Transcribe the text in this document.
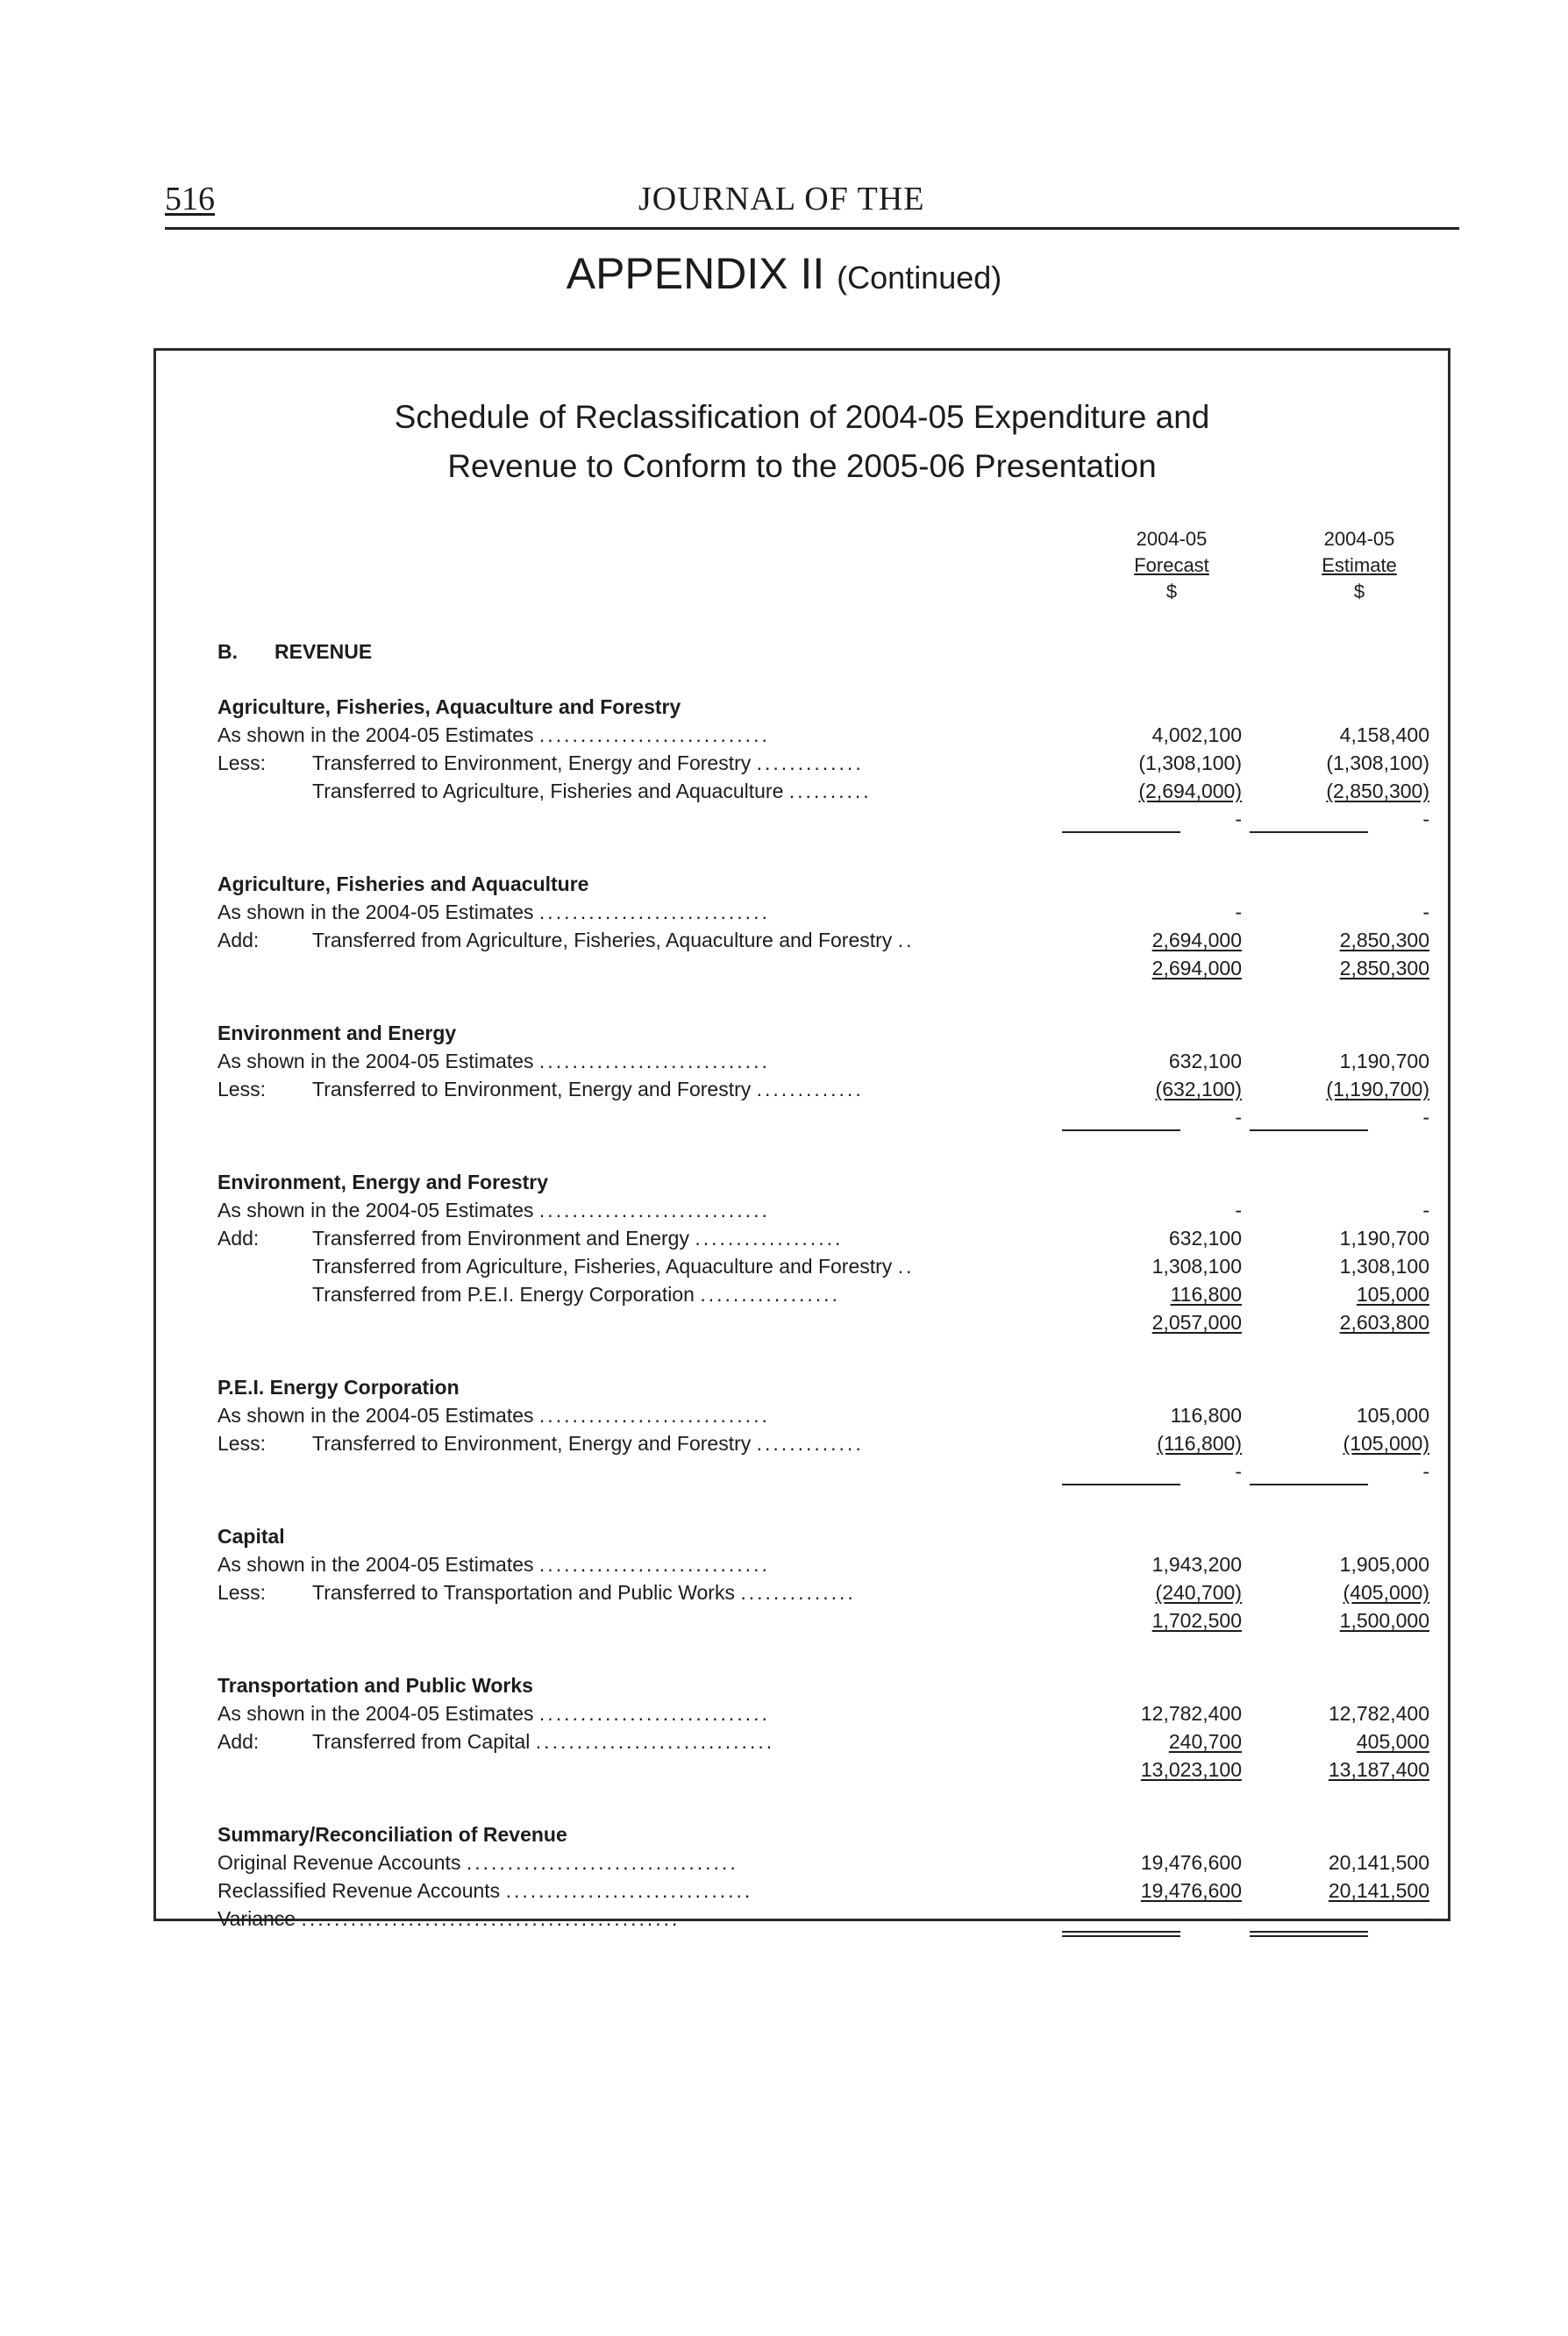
516	JOURNAL OF THE
APPENDIX II (Continued)
Schedule of Reclassification of 2004-05 Expenditure and
Revenue to Conform to the 2005-06 Presentation
2004-05
Forecast
$
2004-05
Estimate
$
B. REVENUE
Agriculture, Fisheries, Aquaculture and Forestry
As shown in the 2004-05 Estimates ............................	4,002,100	4,158,400
Less: Transferred to Environment, Energy and Forestry .............	(1,308,100)	(1,308,100)
Transferred to Agriculture, Fisheries and Aquaculture ..........	(2,694,000)	(2,850,300)
-	-
Agriculture, Fisheries and Aquaculture
As shown in the 2004-05 Estimates ............................	-	-
Add:	Transferred from Agriculture, Fisheries, Aquaculture and Forestry ..	2,694,000	2,850,300
2,694,000	2,850,300
Environment and Energy
As shown in the 2004-05 Estimates ............................	632,100	1,190,700
Less: Transferred to Environment, Energy and Forestry .............	(632,100)	(1,190,700)
-	-
Environment, Energy and Forestry
As shown in the 2004-05 Estimates ............................	-	-
Add:	Transferred from Environment and Energy ..................	632,100	1,190,700
Transferred from Agriculture, Fisheries, Aquaculture and Forestry ..	1,308,100	1,308,100
Transferred from P.E.I. Energy Corporation .................	116,800	105,000
2,057,000	2,603,800
P.E.I. Energy Corporation
As shown in the 2004-05 Estimates ............................	116,800	105,000
Less: Transferred to Environment, Energy and Forestry .............	(116,800)	(105,000)
-	-
Capital
As shown in the 2004-05 Estimates ............................	1,943,200	1,905,000
Less: Transferred to Transportation and Public Works ..............	(240,700)	(405,000)
1,702,500	1,500,000
Transportation and Public Works
As shown in the 2004-05 Estimates ............................	12,782,400	12,782,400
Add:	Transferred from Capital .............................	240,700	405,000
13,023,100	13,187,400
Summary/Reconciliation of Revenue
Original Revenue Accounts .................................	19,476,600	20,141,500
Reclassified Revenue Accounts ..............................	19,476,600	20,141,500
Variance ..............................................	-	-
